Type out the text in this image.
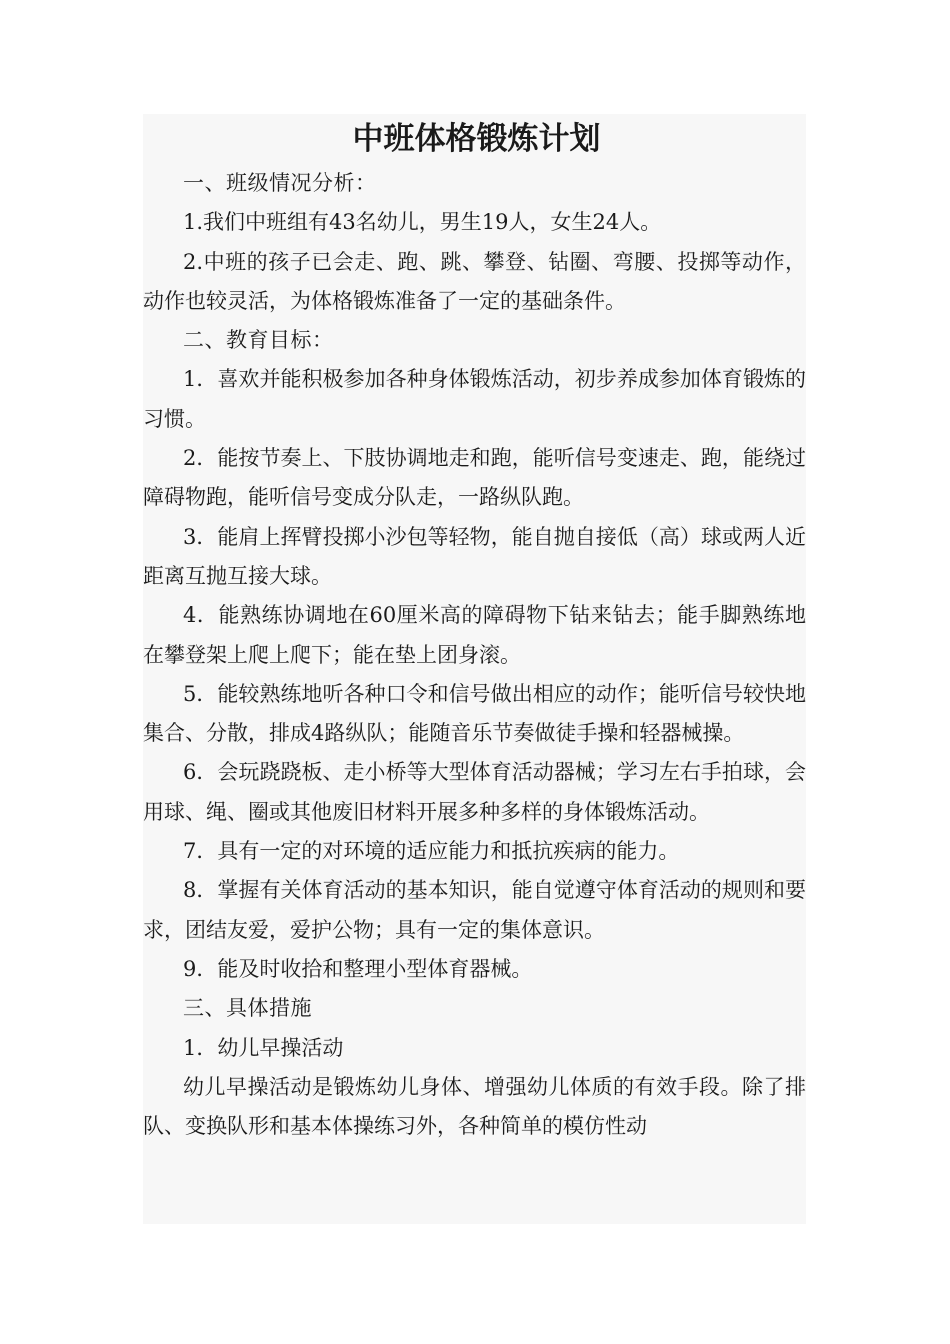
中班体格锻炼计划

一、班级情况分析：

1.我们中班组有43名幼儿，男生19人，女生24人。

2.中班的孩子已会走、跑、跳、攀登、钻圈、弯腰、投掷等动作，动作也较灵活，为体格锻炼准备了一定的基础条件。

二、教育目标：

1．喜欢并能积极参加各种身体锻炼活动，初步养成参加体育锻炼的习惯。

2．能按节奏上、下肢协调地走和跑，能听信号变速走、跑，能绕过障碍物跑，能听信号变成分队走，一路纵队跑。

3．能肩上挥臂投掷小沙包等轻物，能自抛自接低（高）球或两人近距离互抛互接大球。

4．能熟练协调地在60厘米高的障碍物下钻来钻去；能手脚熟练地在攀登架上爬上爬下；能在垫上团身滚。

5．能较熟练地听各种口令和信号做出相应的动作；能听信号较快地集合、分散，排成4路纵队；能随音乐节奏做徒手操和轻器械操。

6．会玩跷跷板、走小桥等大型体育活动器械；学习左右手拍球，会用球、绳、圈或其他废旧材料开展多种多样的身体锻炼活动。

7．具有一定的对环境的适应能力和抵抗疾病的能力。

8．掌握有关体育活动的基本知识，能自觉遵守体育活动的规则和要求，团结友爱，爱护公物；具有一定的集体意识。

9．能及时收拾和整理小型体育器械。

三、具体措施

1．幼儿早操活动

幼儿早操活动是锻炼幼儿身体、增强幼儿体质的有效手段。除了排队、变换队形和基本体操练习外，各种简单的模仿性动
